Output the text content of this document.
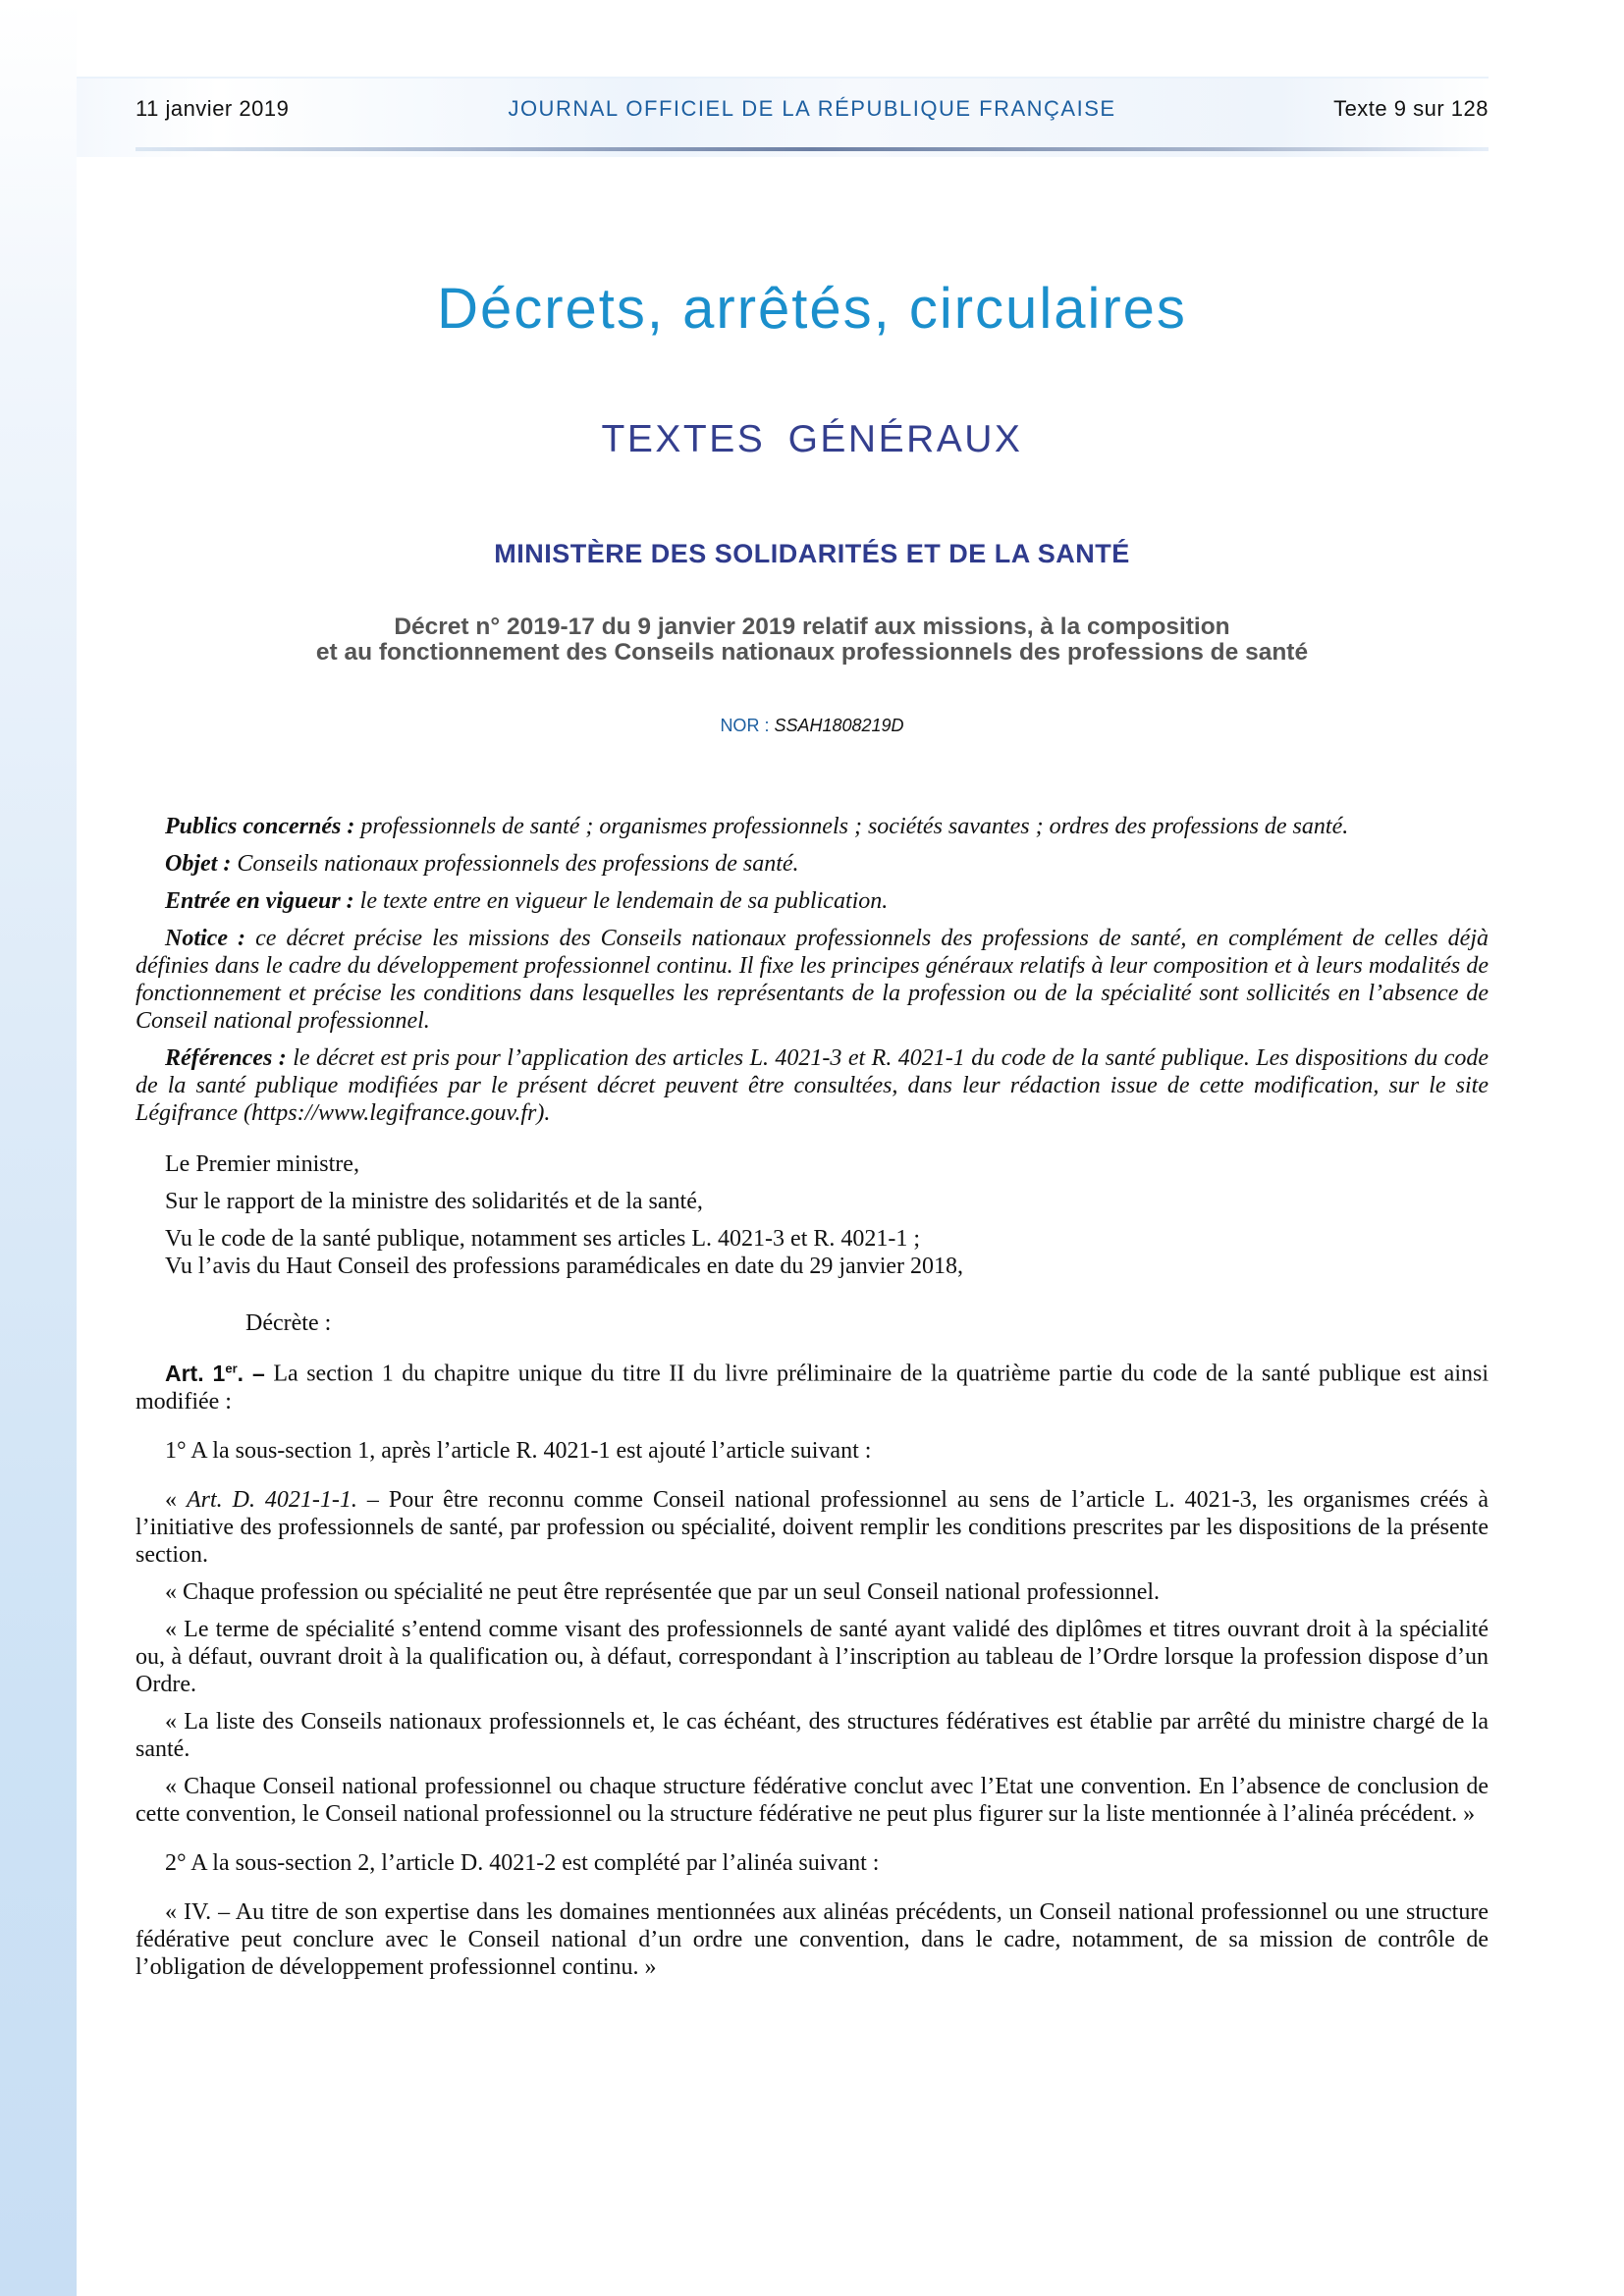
11 janvier 2019	JOURNAL OFFICIEL DE LA RÉPUBLIQUE FRANÇAISE	Texte 9 sur 128
Décrets, arrêtés, circulaires
TEXTES GÉNÉRAUX
MINISTÈRE DES SOLIDARITÉS ET DE LA SANTÉ
Décret n° 2019-17 du 9 janvier 2019 relatif aux missions, à la composition
et au fonctionnement des Conseils nationaux professionnels des professions de santé
NOR : SSAH1808219D

Publics concernés : professionnels de santé ; organismes professionnels ; sociétés savantes ; ordres des professions de santé.

Objet : Conseils nationaux professionnels des professions de santé.

Entrée en vigueur : le texte entre en vigueur le lendemain de sa publication.

Notice : ce décret précise les missions des Conseils nationaux professionnels des professions de santé, en complément de celles déjà définies dans le cadre du développement professionnel continu. Il fixe les principes généraux relatifs à leur composition et à leurs modalités de fonctionnement et précise les conditions dans lesquelles les représentants de la profession ou de la spécialité sont sollicités en l’absence de Conseil national professionnel.

Références : le décret est pris pour l’application des articles L. 4021-3 et R. 4021-1 du code de la santé publique. Les dispositions du code de la santé publique modifiées par le présent décret peuvent être consultées, dans leur rédaction issue de cette modification, sur le site Légifrance (https://www.legifrance.gouv.fr).

Le Premier ministre,

Sur le rapport de la ministre des solidarités et de la santé,

Vu le code de la santé publique, notamment ses articles L. 4021-3 et R. 4021-1 ;

Vu l’avis du Haut Conseil des professions paramédicales en date du 29 janvier 2018,

Décrète :

Art. 1er. – La section 1 du chapitre unique du titre II du livre préliminaire de la quatrième partie du code de la santé publique est ainsi modifiée :

1° A la sous-section 1, après l’article R. 4021-1 est ajouté l’article suivant :

« Art. D. 4021-1-1. – Pour être reconnu comme Conseil national professionnel au sens de l’article L. 4021-3, les organismes créés à l’initiative des professionnels de santé, par profession ou spécialité, doivent remplir les conditions prescrites par les dispositions de la présente section.

« Chaque profession ou spécialité ne peut être représentée que par un seul Conseil national professionnel.

« Le terme de spécialité s’entend comme visant des professionnels de santé ayant validé des diplômes et titres ouvrant droit à la spécialité ou, à défaut, ouvrant droit à la qualification ou, à défaut, correspondant à l’inscription au tableau de l’Ordre lorsque la profession dispose d’un Ordre.

« La liste des Conseils nationaux professionnels et, le cas échéant, des structures fédératives est établie par arrêté du ministre chargé de la santé.

« Chaque Conseil national professionnel ou chaque structure fédérative conclut avec l’Etat une convention. En l’absence de conclusion de cette convention, le Conseil national professionnel ou la structure fédérative ne peut plus figurer sur la liste mentionnée à l’alinéa précédent. »

2° A la sous-section 2, l’article D. 4021-2 est complété par l’alinéa suivant :

« IV. – Au titre de son expertise dans les domaines mentionnées aux alinéas précédents, un Conseil national professionnel ou une structure fédérative peut conclure avec le Conseil national d’un ordre une convention, dans le cadre, notamment, de sa mission de contrôle de l’obligation de développement professionnel continu. »
